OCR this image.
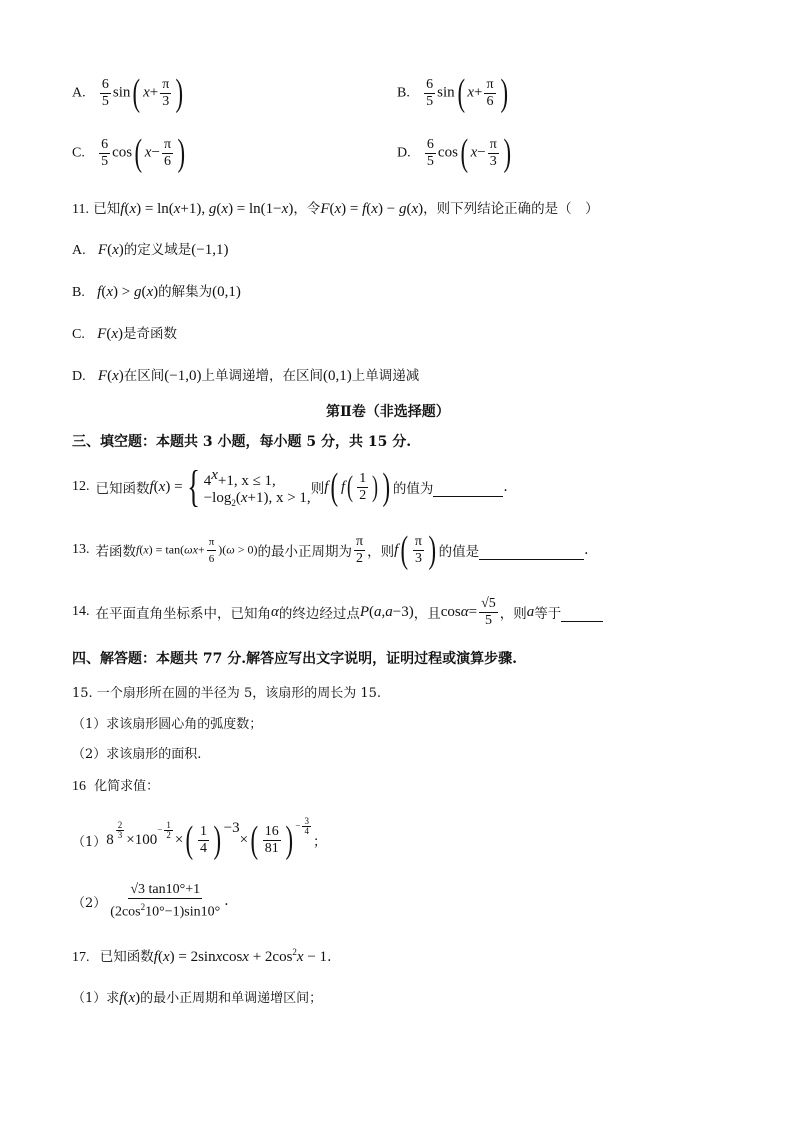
A. $\frac{6}{5} \sin$( $x+ \frac{\pi}{3}$ )	B. $\frac{6}{5} \sin$( $x+ \frac{\pi}{6}$ )
C. $\frac{6}{5} \cos$( $x- \frac{\pi}{6}$ )	D. $\frac{6}{5} \cos$( $x- \frac{\pi}{3}$ )
11. 已知f(x) = ln(x+1), g(x) = ln(1−x)，令F(x) = f(x) − g(x)，则下列结论正确的是（　）
A. F(x)的定义域是(−1,1)
B. f(x) > g(x)的解集为(0,1)
C. F(x)是奇函数
D. F(x)在区间(−1,0)上单调递增，在区间(0,1)上单调递减
第Ⅱ卷（非选择题）
三、填空题：本题共 3 小题，每小题 5 分，共 15 分.
12. 已知函数 f ( x ) = { $4^x+1$, x ≤ 1,
$-\log_2(x+1)$, x > 1,
则 f ( f ( $\frac{1}{2}$ ) ) 的值为	.
13. 若函数 $f(x) = \tan(\omega x+ \frac{\pi}{6} )(\omega > 0)$ 的最小正周期为 $\frac{\pi}{2}$ ，则 f ( $\frac{\pi}{3}$ ) 的值是	.
14. 在平面直角坐标系中，已知角 α 的终边经过点 P ( a , a −3) ，且 $\cos \alpha = \frac{√5}{5}$ ，则 a 等于
四、解答题：本题共 77 分.解答应写出文字说明，证明过程或演算步骤.
15. 一个扇形所在圆的半径为 5，该扇形的周长为 15.
（1）求该扇形圆心角的弧度数；
（2）求该扇形的面积.
16 化简求值：
（1） 8 $^{\frac{2}{3}}$ ×100
$^{- \frac{1}{2}}$ × ( $\frac{1}{4} )^{-3}$
× ( $\frac{16}{81}$ ) $^{- \frac{3}{4}}$
；
$(2) \frac{√3 \tan 10^\circ+1}{(2\cos^210^\circ-1)\sin 10^\circ}$ .
17. 已知函数f(x) = 2sinxcosx + $2\cos^2x - 1$.
（1）求f(x)的最小正周期和单调递增区间；
